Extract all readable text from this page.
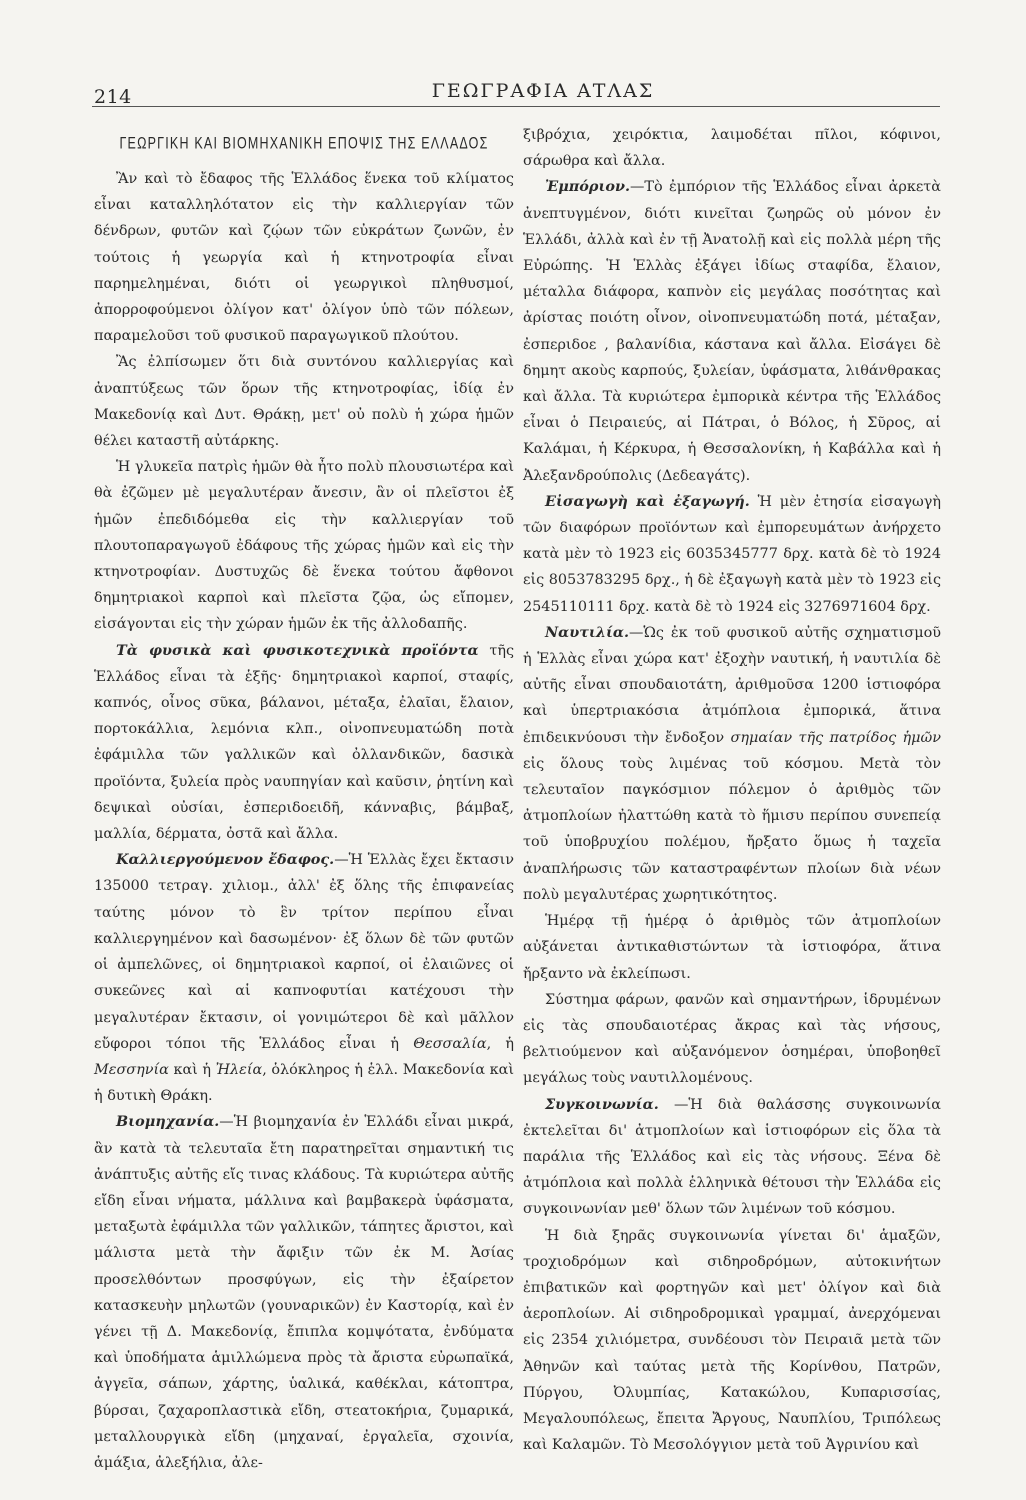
214	ΓΕΩΓΡΑΦΙΑ ΑΤΛΑΣ
ΓΕΩΡΓΙΚΗ ΚΑΙ ΒΙΟΜΗΧΑΝΙΚΗ ΕΠΟΨΙΣ ΤΗΣ ΕΛΛΑΔΟΣ

Ἂν καὶ τὸ ἔδαφος τῆς Ἑλλάδος ἕνεκα τοῦ κλίματος εἶναι καταλληλότατον εἰς τὴν καλλιεργίαν τῶν δένδρων, φυτῶν καὶ ζῴων τῶν εὐκράτων ζωνῶν, ἐν τούτοις ἡ γεωργία καὶ ἡ κτηνοτροφία εἶναι παρημελημέναι, διότι οἱ γεωργικοὶ πληθυσμοί, ἀπορροφούμενοι ὀλίγον κατ' ὀλίγον ὑπὸ τῶν πόλεων, παραμελοῦσι τοῦ φυσικοῦ παραγωγικοῦ πλούτου.

Ἂς ἐλπίσωμεν ὅτι διὰ συντόνου καλλιεργίας καὶ ἀναπτύξεως τῶν ὅρων τῆς κτηνοτροφίας, ἰδίᾳ ἐν Μακεδονίᾳ καὶ Δυτ. Θράκῃ, μετ' οὐ πολὺ ἡ χώρα ἡμῶν θέλει καταστῆ αὐτάρκης.

Ἡ γλυκεῖα πατρὶς ἡμῶν θὰ ἦτο πολὺ πλουσιωτέρα καὶ θὰ ἐζῶμεν μὲ μεγαλυτέραν ἄνεσιν, ἂν οἱ πλεῖστοι ἐξ ἡμῶν ἐπεδιδόμεθα εἰς τὴν καλλιεργίαν τοῦ πλουτοπαραγωγοῦ ἐδάφους τῆς χώρας ἡμῶν καὶ εἰς τὴν κτηνοτροφίαν. Δυστυχῶς δὲ ἕνεκα τούτου ἄφθονοι δημητριακοὶ καρποὶ καὶ πλεῖστα ζῷα, ὡς εἴπομεν, εἰσάγονται εἰς τὴν χώραν ἡμῶν ἐκ τῆς ἀλλοδαπῆς.

Τὰ φυσικὰ καὶ φυσικοτεχνικὰ προϊόντα τῆς Ἑλλάδος εἶναι τὰ ἑξῆς· δημητριακοὶ καρποί, σταφίς, καπνός, οἶνος σῦκα, βάλανοι, μέταξα, ἐλαῖαι, ἔλαιον, πορτοκάλλια, λεμόνια κλπ., οἰνοπνευματώδη ποτὰ ἐφάμιλλα τῶν γαλλικῶν καὶ ὀλλανδικῶν, δασικὰ προϊόντα, ξυλεία πρὸς ναυπηγίαν καὶ καῦσιν, ῥητίνη καὶ δεψικαὶ οὐσίαι, ἐσπεριδοειδῆ, κάνναβις, βάμβαξ, μαλλία, δέρματα, ὀστᾶ καὶ ἄλλα.

Καλλιεργούμενον ἔδαφος.—Ἡ Ἑλλὰς ἔχει ἔκτασιν 135000 τετραγ. χιλιομ., ἀλλ' ἐξ ὅλης τῆς ἐπιφανείας ταύτης μόνον τὸ ἓν τρίτον περίπου εἶναι καλλιεργημένον καὶ δασωμένον· ἐξ ὅλων δὲ τῶν φυτῶν οἱ ἀμπελῶνες, οἱ δημητριακοὶ καρποί, οἱ ἐλαιῶνες οἱ συκεῶνες καὶ αἱ καπνοφυτίαι κατέχουσι τὴν μεγαλυτέραν ἔκτασιν, οἱ γονιμώτεροι δὲ καὶ μᾶλλον εὔφοροι τόποι τῆς Ἑλλάδος εἶναι ἡ Θεσσαλία, ἡ Μεσσηνία καὶ ἡ Ἠλεία, ὁλόκληρος ἡ ἑλλ. Μακεδονία καὶ ἡ δυτικὴ Θράκη.

Βιομηχανία.—Ἡ βιομηχανία ἐν Ἑλλάδι εἶναι μικρά, ἂν κατὰ τὰ τελευταῖα ἔτη παρατηρεῖται σημαντική τις ἀνάπτυξις αὐτῆς εἴς τινας κλάδους. Τὰ κυριώτερα αὐτῆς εἴδη εἶναι νήματα, μάλλινα καὶ βαμβακερὰ ὑφάσματα, μεταξωτὰ ἐφάμιλλα τῶν γαλλικῶν, τάπητες ἄριστοι, καὶ μάλιστα μετὰ τὴν ἄφιξιν τῶν ἐκ Μ. Ἀσίας προσελθόντων προσφύγων, εἰς τὴν ἐξαίρετον κατασκευὴν μηλωτῶν (γουναρικῶν) ἐν Καστορίᾳ, καὶ ἐν γένει τῇ Δ. Μακεδονίᾳ, ἔπιπλα κομψότατα, ἐνδύματα καὶ ὑποδήματα ἁμιλλώμενα πρὸς τὰ ἄριστα εὐρωπαϊκά, ἀγγεῖα, σάπων, χάρτης, ὑαλικά, καθέκλαι, κάτοπτρα, βύρσαι, ζαχαροπλαστικὰ εἴδη, στεατοκήρια, ζυμαρικά, μεταλλουργικὰ εἴδη (μηχαναί, ἐργαλεῖα, σχοινία, ἁμάξια, ἀλεξήλια, ἀλε-

ξιβρόχια, χειρόκτια, λαιμοδέται πῖλοι, κόφινοι, σάρωθρα καὶ ἄλλα.

Ἐμπόριον.—Τὸ ἐμπόριον τῆς Ἑλλάδος εἶναι ἀρκετὰ ἀνεπτυγμένον, διότι κινεῖται ζωηρῶς οὐ μόνον ἐν Ἑλλάδι, ἀλλὰ καὶ ἐν τῇ Ἀνατολῇ καὶ εἰς πολλὰ μέρη τῆς Εὐρώπης. Ἡ Ἑλλὰς ἐξάγει ἰδίως σταφίδα, ἔλαιον, μέταλλα διάφορα, καπνὸν εἰς μεγάλας ποσότητας καὶ ἀρίστας ποιότη οἶνον, οἰνοπνευματώδη ποτά, μέταξαν, ἐσπεριδοε , βαλανίδια, κάστανα καὶ ἄλλα. Εἰσάγει δὲ δημητ ακοὺς καρπούς, ξυλείαν, ὑφάσματα, λιθάνθρακας καὶ ἄλλα. Τὰ κυριώτερα ἐμπορικὰ κέντρα τῆς Ἑλλάδος εἶναι ὁ Πειραιεύς, αἱ Πάτραι, ὁ Βόλος, ἡ Σῦρος, αἱ Καλάμαι, ἡ Κέρκυρα, ἡ Θεσσαλονίκη, ἡ Καβάλλα καὶ ἡ Ἀλεξανδρούπολις (Δεδεαγάτς).

Εἰσαγωγὴ καὶ ἐξαγωγή. Ἡ μὲν ἐτησία εἰσαγωγὴ τῶν διαφόρων προϊόντων καὶ ἐμπορευμάτων ἀνήρχετο κατὰ μὲν τὸ 1923 εἰς 6035345777 δρχ. κατὰ δὲ τὸ 1924 εἰς 8053783295 δρχ., ἡ δὲ ἐξαγωγὴ κατὰ μὲν τὸ 1923 εἰς 2545110111 δρχ. κατὰ δὲ τὸ 1924 εἰς 3276971604 δρχ.

Ναυτιλία.—Ὡς ἐκ τοῦ φυσικοῦ αὐτῆς σχηματισμοῦ ἡ Ἑλλὰς εἶναι χώρα κατ' ἐξοχὴν ναυτική, ἡ ναυτιλία δὲ αὐτῆς εἶναι σπουδαιοτάτη, ἀριθμοῦσα 1200 ἱστιοφόρα καὶ ὑπερτριακόσια ἀτμόπλοια ἐμπορικά, ἅτινα ἐπιδεικνύουσι τὴν ἔνδοξον σημαίαν τῆς πατρίδος ἡμῶν εἰς ὅλους τοὺς λιμένας τοῦ κόσμου. Μετὰ τὸν τελευταῖον παγκόσμιον πόλεμον ὁ ἀριθμὸς τῶν ἀτμοπλοίων ἠλαττώθη κατὰ τὸ ἥμισυ περίπου συνεπείᾳ τοῦ ὑποβρυχίου πολέμου, ἤρξατο ὅμως ἡ ταχεῖα ἀναπλήρωσις τῶν καταστραφέντων πλοίων διὰ νέων πολὺ μεγαλυτέρας χωρητικότητος.

Ἡμέρᾳ τῇ ἡμέρᾳ ὁ ἀριθμὸς τῶν ἀτμοπλοίων αὐξάνεται ἀντικαθιστώντων τὰ ἱστιοφόρα, ἅτινα ἤρξαντο νὰ ἐκλείπωσι.

Σύστημα φάρων, φανῶν καὶ σημαντήρων, ἱδρυμένων εἰς τὰς σπουδαιοτέρας ἄκρας καὶ τὰς νήσους, βελτιούμενον καὶ αὐξανόμενον ὁσημέραι, ὑποβοηθεῖ μεγάλως τοὺς ναυτιλλομένους.

Συγκοινωνία. —Ἡ διὰ θαλάσσης συγκοινωνία ἐκτελεῖται δι' ἀτμοπλοίων καὶ ἱστιοφόρων εἰς ὅλα τὰ παράλια τῆς Ἑλλάδος καὶ εἰς τὰς νήσους. Ξένα δὲ ἀτμόπλοια καὶ πολλὰ ἑλληνικὰ θέτουσι τὴν Ἑλλάδα εἰς συγκοινωνίαν μεθ' ὅλων τῶν λιμένων τοῦ κόσμου.

Ἡ διὰ ξηρᾶς συγκοινωνία γίνεται δι' ἁμαξῶν, τροχιοδρόμων καὶ σιδηροδρόμων, αὐτοκινήτων ἐπιβατικῶν καὶ φορτηγῶν καὶ μετ' ὀλίγον καὶ διὰ ἀεροπλοίων. Αἱ σιδηροδρομικαὶ γραμμαί, ἀνερχόμεναι εἰς 2354 χιλιόμετρα, συνδέουσι τὸν Πειραιᾶ μετὰ τῶν Ἀθηνῶν καὶ ταύτας μετὰ τῆς Κορίνθου, Πατρῶν, Πύργου, Ὀλυμπίας, Κατακώλου, Κυπαρισσίας, Μεγαλουπόλεως, ἔπειτα Ἄργους, Ναυπλίου, Τριπόλεως καὶ Καλαμῶν. Τὸ Μεσολόγγιον μετὰ τοῦ Ἀγρινίου καὶ
